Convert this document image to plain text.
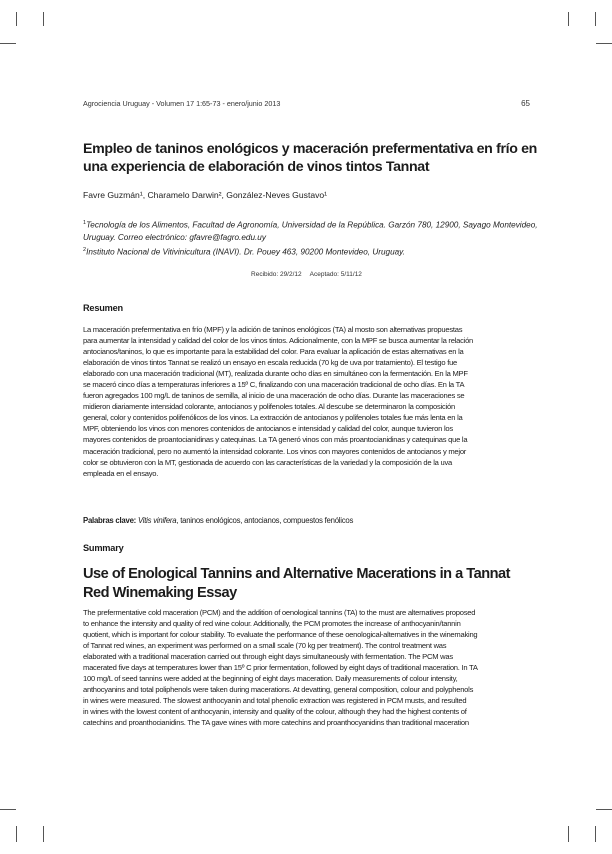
Agrociencia Uruguay - Volumen 17 1:65-73 - enero/junio 2013	65
Empleo de taninos enológicos y maceración prefermentativa en frío en una experiencia de elaboración de vinos tintos Tannat
Favre Guzmán¹, Charamelo Darwin², González-Neves Gustavo¹

$^1$Tecnología de los Alimentos, Facultad de Agronomía, Universidad de la República. Garzón 780, 12900, Sayago Montevideo, Uruguay. Correo electrónico: gfavre@fagro.edu.uy

$^2$Instituto Nacional de Vitivinicultura (INAVI). Dr. Pouey 463, 90200 Montevideo, Uruguay.

Recibido: 29/2/12 Aceptado: 5/11/12
Resumen
La maceración prefermentativa en frío (MPF) y la adición de taninos enológicos (TA) al mosto son alternativas propuestas
para aumentar la intensidad y calidad del color de los vinos tintos. Adicionalmente, con la MPF se busca aumentar la relación
antocianos/taninos, lo que es importante para la estabilidad del color. Para evaluar la aplicación de estas alternativas en la
elaboración de vinos tintos Tannat se realizó un ensayo en escala reducida (70 kg de uva por tratamiento). El testigo fue
elaborado con una maceración tradicional (MT), realizada durante ocho días en simultáneo con la fermentación. En la MPF
se maceró cinco días a temperaturas inferiores a 15º C, finalizando con una maceración tradicional de ocho días. En la TA
fueron agregados 100 mg/L de taninos de semilla, al inicio de una maceración de ocho días. Durante las maceraciones se
midieron diariamente intensidad colorante, antocianos y polifenoles totales. Al descube se determinaron la composición
general, color y contenidos polifenólicos de los vinos. La extracción de antocianos y polifenoles totales fue más lenta en la
MPF, obteniendo los vinos con menores contenidos de antocianos e intensidad y calidad del color, aunque tuvieron los
mayores contenidos de proantocianidinas y catequinas. La TA generó vinos con más proantocianidinas y catequinas que la
maceración tradicional, pero no aumentó la intensidad colorante. Los vinos con mayores contenidos de antocianos y mejor
color se obtuvieron con la MT, gestionada de acuerdo con las características de la variedad y la composición de la uva
empleada en el ensayo.
Palabras clave: Vitis vinifera, taninos enológicos, antocianos, compuestos fenólicos
Summary
Use of Enological Tannins and Alternative Macerations in a Tannat Red Winemaking Essay
The prefermentative cold maceration (PCM) and the addition of oenological tannins (TA) to the must are alternatives proposed
to enhance the intensity and quality of red wine colour. Additionally, the PCM promotes the increase of anthocyanin/tannin
quotient, which is important for colour stability. To evaluate the performance of these oenological-alternatives in the winemaking
of Tannat red wines, an experiment was performed on a small scale (70 kg per treatment). The control treatment was
elaborated with a traditional maceration carried out through eight days simultaneously with fermentation. The PCM was
macerated five days at temperatures lower than 15º C prior fermentation, followed by eight days of traditional maceration. In TA
100 mg/L of seed tannins were added at the beginning of eight days maceration. Daily measurements of colour intensity,
anthocyanins and total poliphenols were taken during macerations. At devatting, general composition, colour and polyphenols
in wines were measured. The slowest anthocyanin and total phenolic extraction was registered in PCM musts, and resulted
in wines with the lowest content of anthocyanin, intensity and quality of the colour, although they had the highest contents of
catechins and proanthocianidins. The TA gave wines with more catechins and proanthocyanidins than traditional maceration
